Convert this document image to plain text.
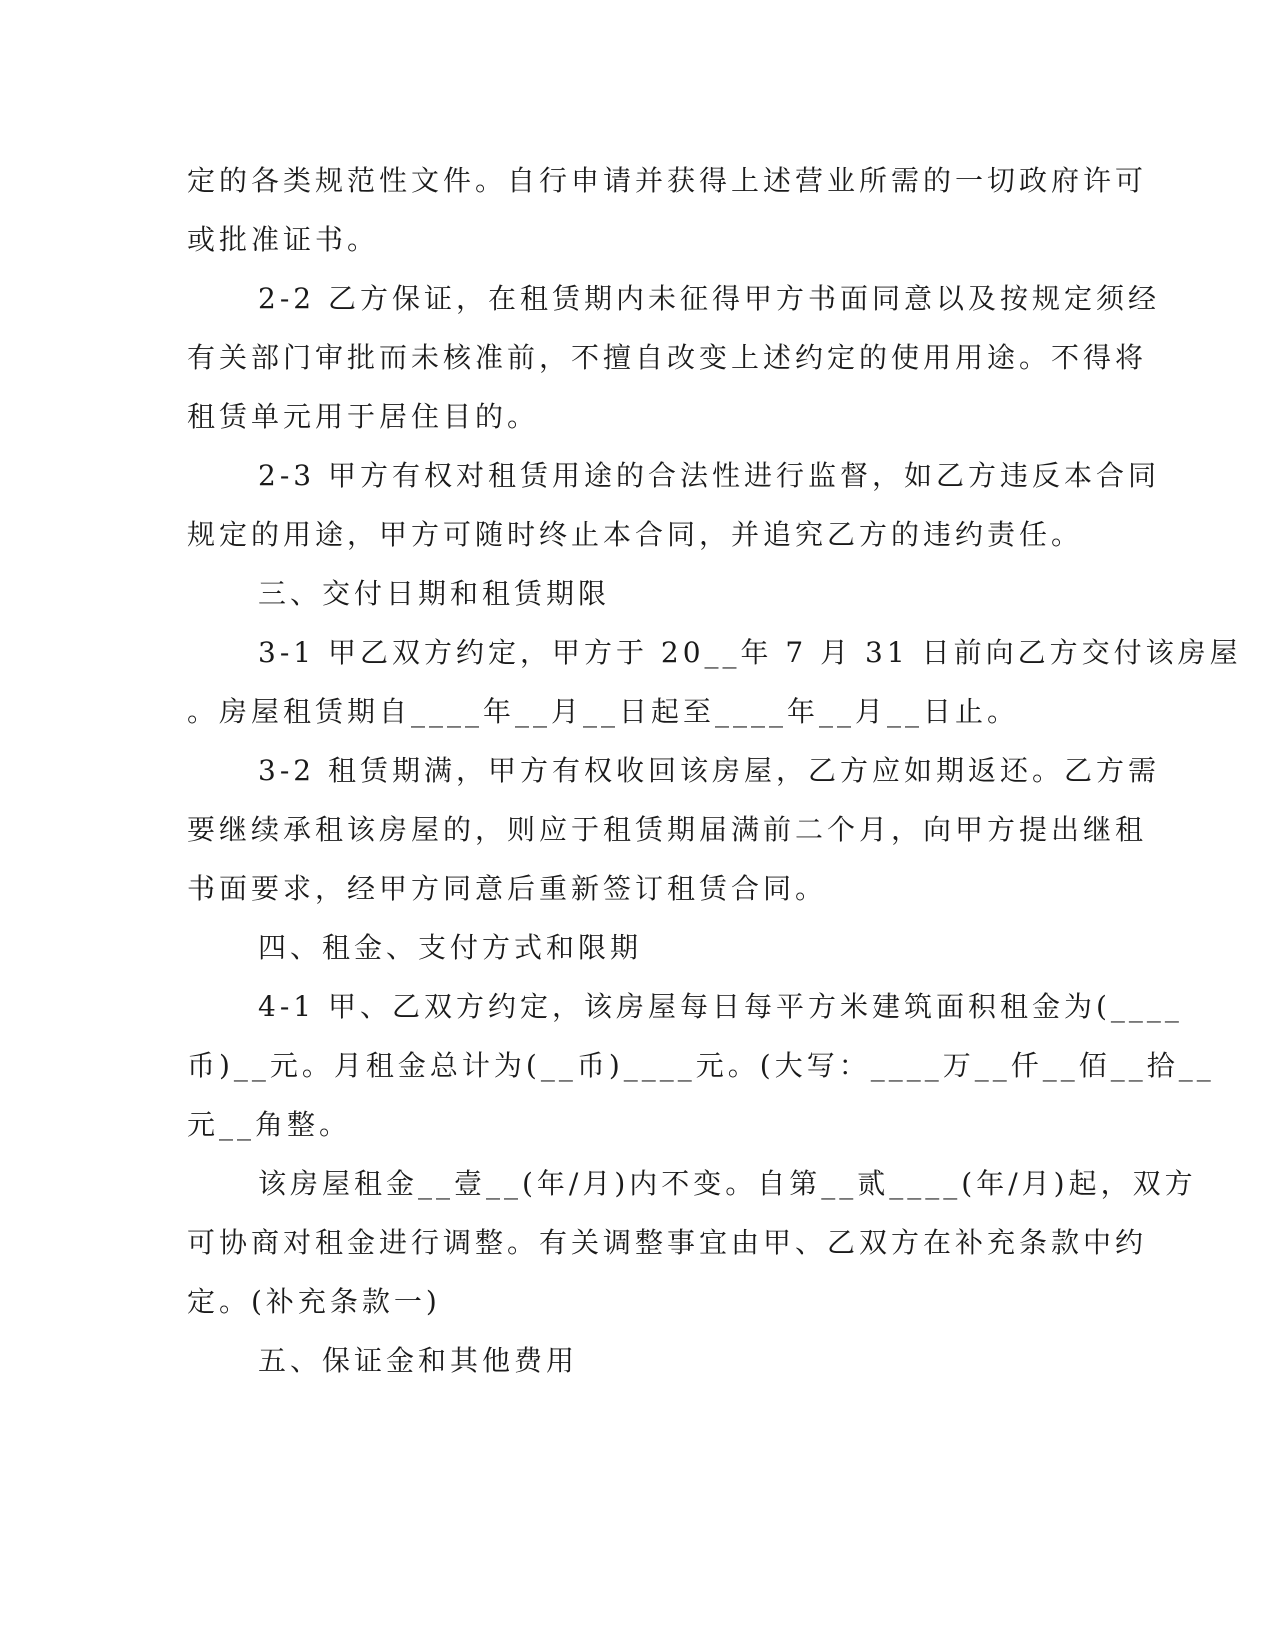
定的各类规范性文件。自行申请并获得上述营业所需的一切政府许可
或批准证书。
2-2 乙方保证，在租赁期内未征得甲方书面同意以及按规定须经
有关部门审批而未核准前，不擅自改变上述约定的使用用途。不得将
租赁单元用于居住目的。
2-3 甲方有权对租赁用途的合法性进行监督，如乙方违反本合同
规定的用途，甲方可随时终止本合同，并追究乙方的违约责任。
三、交付日期和租赁期限
3-1 甲乙双方约定，甲方于 20__年 7 月 31 日前向乙方交付该房屋
。房屋租赁期自____年__月__日起至____年__月__日止。
3-2 租赁期满，甲方有权收回该房屋，乙方应如期返还。乙方需
要继续承租该房屋的，则应于租赁期届满前二个月，向甲方提出继租
书面要求，经甲方同意后重新签订租赁合同。
四、租金、支付方式和限期
4-1 甲、乙双方约定，该房屋每日每平方米建筑面积租金为(____
币)__元。月租金总计为(__币)____元。(大写：____万__仟__佰__拾__
元__角整。
该房屋租金__壹__(年/月)内不变。自第__贰____(年/月)起，双方
可协商对租金进行调整。有关调整事宜由甲、乙双方在补充条款中约
定。(补充条款一)
五、保证金和其他费用
